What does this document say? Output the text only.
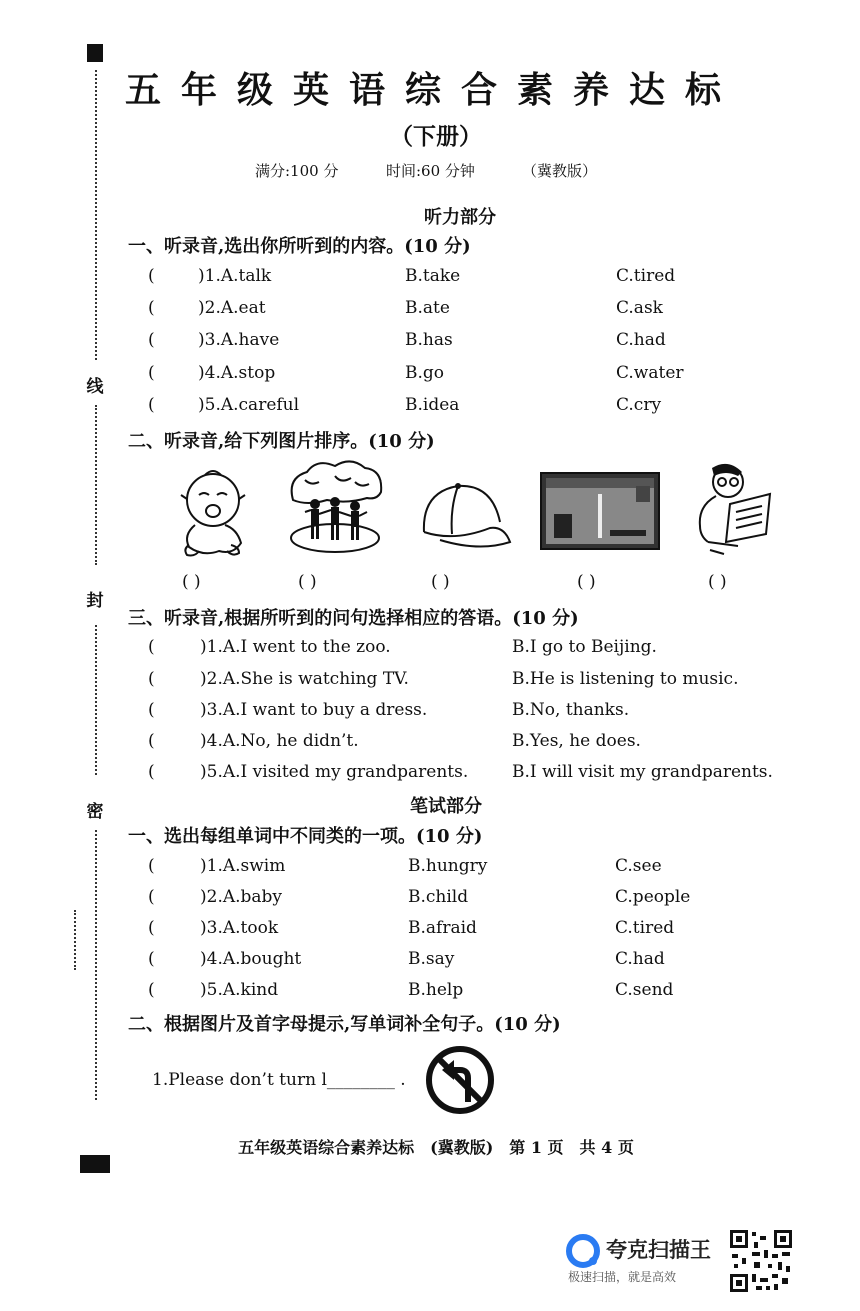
线
封
密
五年级英语综合素养达标
（下册）
满分:100 分	时间:60 分钟	（冀教版）
听力部分
一、听录音,选出你所听到的内容。(10 分)
(	)1.A.talk	B.take	C.tired
(	)2.A.eat	B.ate	C.ask
(	)3.A.have	B.has	C.had
(	)4.A.stop	B.go	C.water
(	)5.A.careful	B.idea	C.cry
二、听录音,给下列图片排序。(10 分)
( )	( )	( )	( )	( )
三、听录音,根据所听到的问句选择相应的答语。(10 分)
(	)1.A.I went to the zoo.	B.I go to Beijing.
(	)2.A.She is watching TV.	B.He is listening to music.
(	)3.A.I want to buy a dress.	B.No, thanks.
(	)4.A.No, he didn’t.	B.Yes, he does.
(	)5.A.I visited my grandparents.	B.I will visit my grandparents.
笔试部分
一、选出每组单词中不同类的一项。(10 分)
(	)1.A.swim	B.hungry	C.see
(	)2.A.baby	B.child	C.people
(	)3.A.took	B.afraid	C.tired
(	)4.A.bought	B.say	C.had
(	)5.A.kind	B.help	C.send
二、根据图片及首字母提示,写单词补全句子。(10 分)
1.Please don’t turn l________ .
五年级英语综合素养达标　(冀教版)　第 1 页　共 4 页
夸克扫描王
极速扫描，就是高效
